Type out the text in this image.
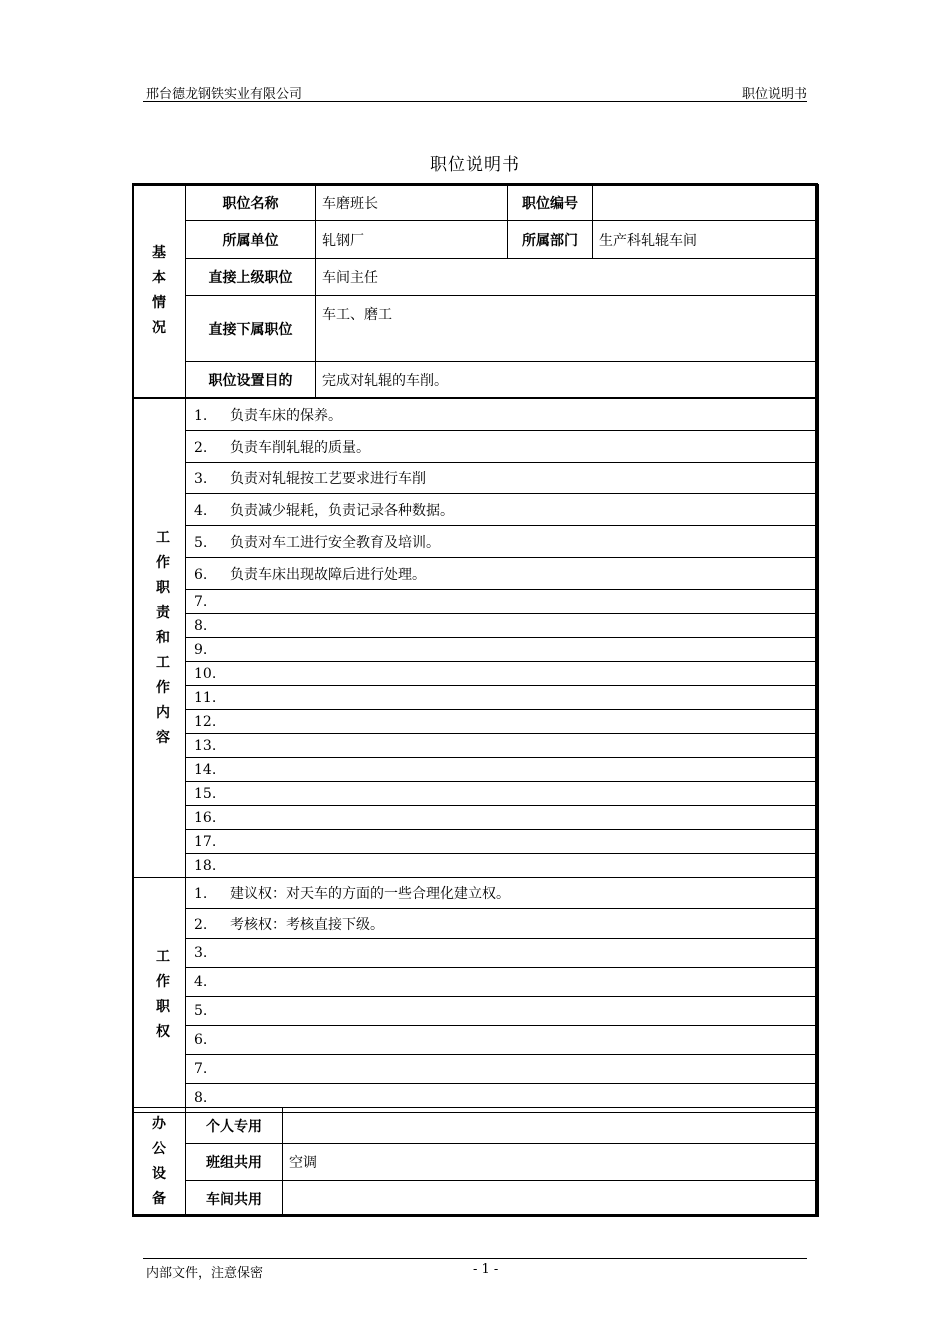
邢台德龙钢铁实业有限公司	职位说明书
职位说明书
基
本
情
况	职位名称	车磨班长	职位编号	
	所属单位	轧钢厂	所属部门	生产科轧辊车间
	直接上级职位	车间主任		
	直接下属职位	车工、磨工		
	职位设置目的	完成对轧辊的车削。		
工
作
职
责
和
工
作
内
容	1. 负责车床的保养。
2. 负责车削轧辊的质量。
3. 负责对轧辊按工艺要求进行车削
4. 负责减少辊耗，负责记录各种数据。
5. 负责对车工进行安全教育及培训。
6. 负责车床出现故障后进行处理。
7.
8.
9.
10.
11.
12.
13.
14.
15.
16.
17.
18.
工
作
职
权	1. 建议权：对天车的方面的一些合理化建立权。
2. 考核权：考核直接下级。
3.
4.
5.
6.
7.
8.
办
公
设
备	个人专用	
	班组共用	空调
	车间共用	
内部文件，注意保密	- 1 -
